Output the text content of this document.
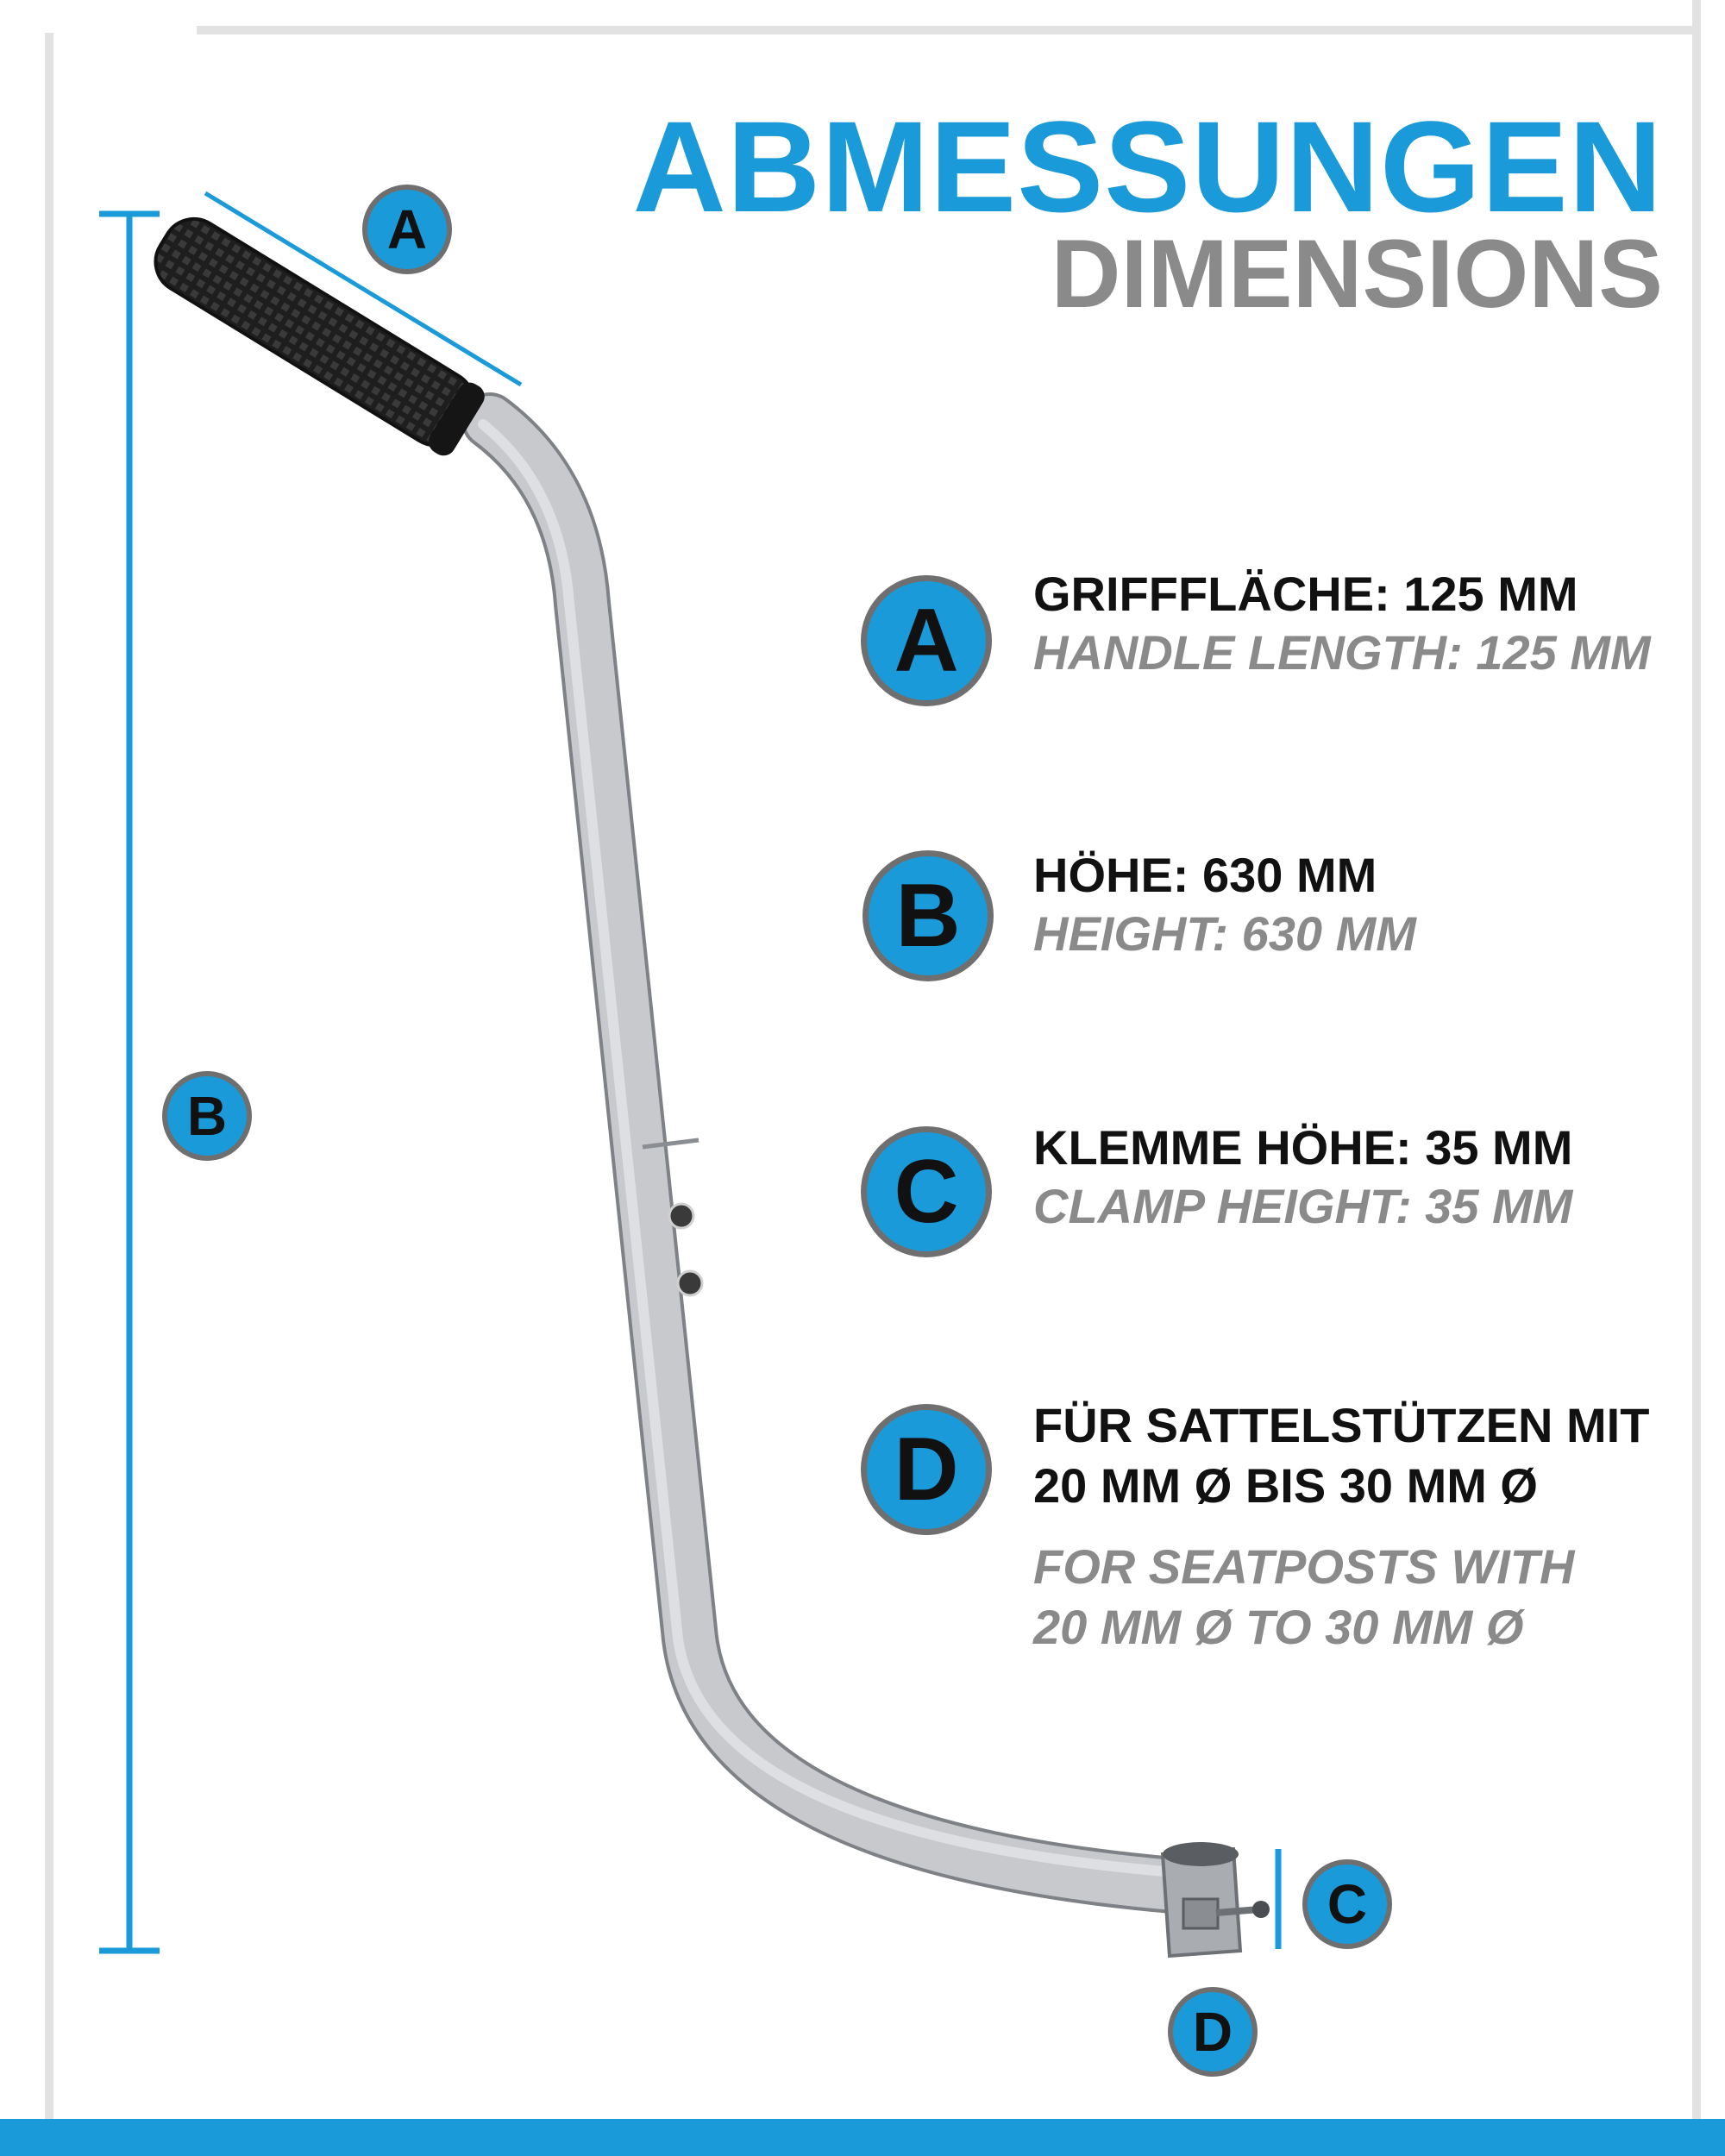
ABMESSUNGEN
DIMENSIONS
A
B
C
D
A	GRIFFFLÄCHE: 125 MM
HANDLE LENGTH: 125 MM
B	HÖHE: 630 MM
HEIGHT: 630 MM
C	KLEMME HÖHE: 35 MM
CLAMP HEIGHT: 35 MM
D	FÜR SATTELSTÜTZEN MIT
20 MM Ø BIS 30 MM Ø
FOR SEATPOSTS WITH
20 MM Ø TO 30 MM Ø
